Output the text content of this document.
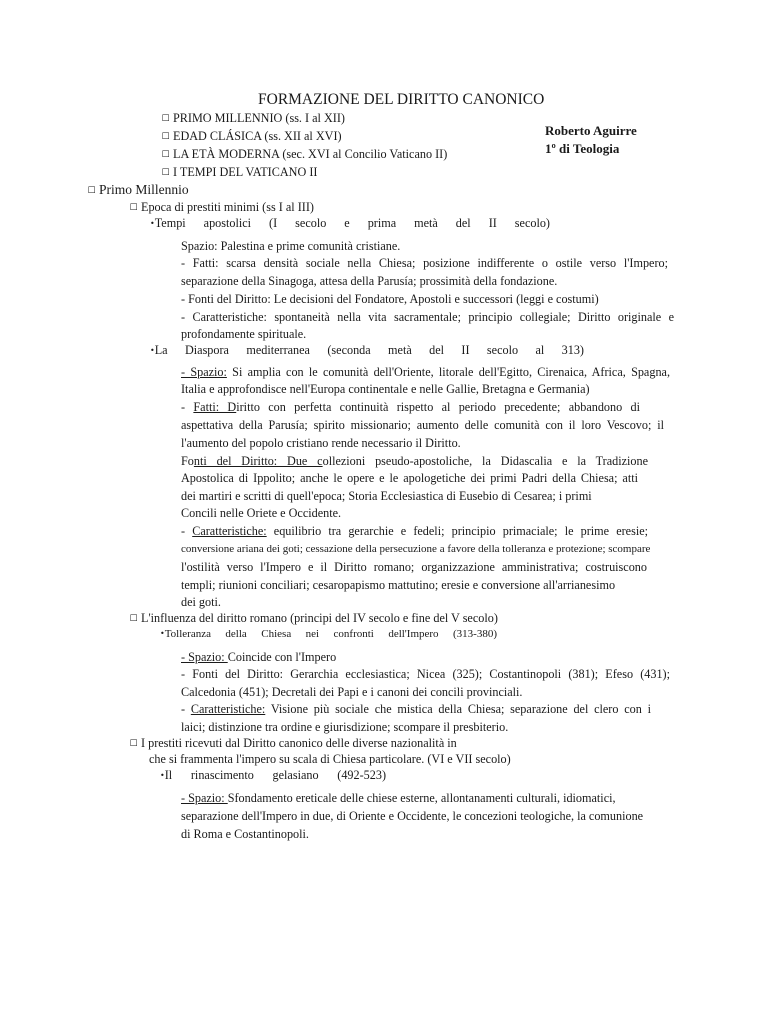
FORMAZIONE DEL DIRITTO CANONICO
☐ PRIMO MILLENNIO (ss. I al XII)
☐ EDAD CLÁSICA (ss. XII al XVI)
☐ LA ETÀ MODERNA (sec. XVI al Concilio Vaticano II)
☐ I TEMPI DEL VATICANO II
Roberto Aguirre
1º di Teologia
☐ Primo Millennio
☐ Epoca di prestiti minimi (ss I al III)
•Tempi apostolici (I secolo e prima metà del II secolo)
Spazio: Palestina e prime comunità cristiane.
- Fatti: scarsa densità sociale nella Chiesa; posizione indifferente o ostile verso l'Impero;
separazione della Sinagoga, attesa della Parusía; prossimità della fondazione.
- Fonti del Diritto: Le decisioni del Fondatore, Apostoli e successori (leggi e costumi)
- Caratteristiche: spontaneità nella vita sacramentale; principio collegiale; Diritto originale e
profondamente spirituale.
•La Diaspora mediterranea (seconda metà del II secolo al 313)
- Spazio: Si amplia con le comunità dell'Oriente, litorale dell'Egitto, Cirenaica, Africa, Spagna,
Italia e approfondisce nell'Europa continentale e nelle Gallie, Bretagna e Germania)
- Fatti: Diritto con perfetta continuità rispetto al periodo precedente; abbandono di
aspettativa della Parusía; spirito missionario; aumento delle comunità con il loro Vescovo; il
l'aumento del popolo cristiano rende necessario il Diritto.
Fonti del Diritto: Due collezioni pseudo-apostoliche, la Didascalia e la Tradizione
Apostolica di Ippolito; anche le opere e le apologetiche dei primi Padri della Chiesa; atti
dei martiri e scritti di quell'epoca; Storia Ecclesiastica di Eusebio di Cesarea; i primi
Concili nelle Oriete e Occidente.
- Caratteristiche: equilibrio tra gerarchie e fedeli; principio primaciale; le prime eresie;
conversione ariana dei goti; cessazione della persecuzione a favore della tolleranza e protezione; scompare
l'ostilità verso l'Impero e il Diritto romano; organizzazione amministrativa; costruiscono
templi; riunioni conciliari; cesaropapismo mattutino; eresie e conversione all'arrianesimo
dei goti.
☐ L'influenza del diritto romano (principi del IV secolo e fine del V secolo)
•Tolleranza della Chiesa nei confronti dell'Impero (313-380)
- Spazio: Coincide con l'Impero
- Fonti del Diritto: Gerarchia ecclesiastica; Nicea (325); Costantinopoli (381); Efeso (431);
Calcedonia (451); Decretali dei Papi e i canoni dei concili provinciali.
- Caratteristiche: Visione più sociale che mistica della Chiesa; separazione del clero con i
laici; distinzione tra ordine e giurisdizione; scompare il presbiterio.
☐ I prestiti ricevuti dal Diritto canonico delle diverse nazionalità in
che si frammenta l'impero su scala di Chiesa particolare. (VI e VII secolo)
•Il rinascimento gelasiano (492-523)
- Spazio: Sfondamento ereticale delle chiese esterne, allontanamenti culturali, idiomatici,
separazione dell'Impero in due, di Oriente e Occidente, le concezioni teologiche, la comunione
di Roma e Costantinopoli.
